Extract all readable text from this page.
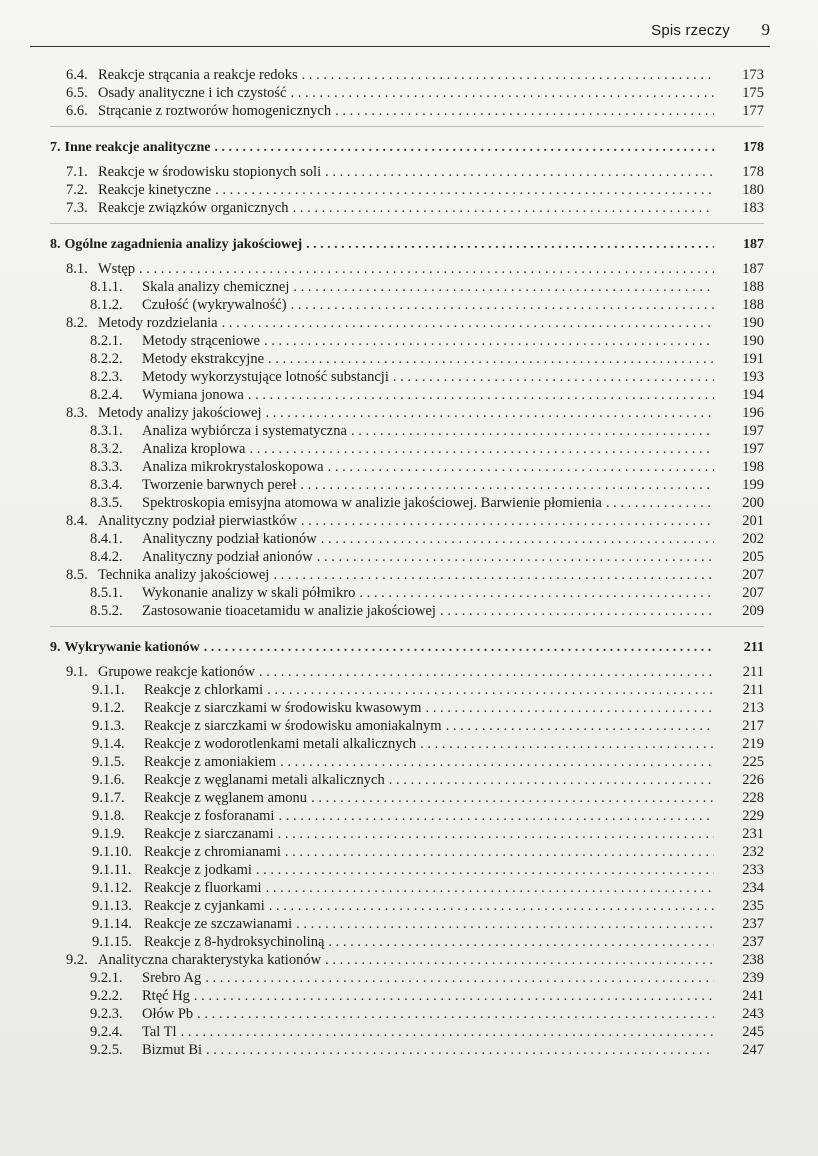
Spis rzeczy 9
6.4. Reakcje strącania a reakcje redoks . . .	173
6.5. Osady analityczne i ich czystość . . .	175
6.6. Strącanie z roztworów homogenicznych . . .	177
7. Inne reakcje analityczne . . .	178
7.1. Reakcje w środowisku stopionych soli . . .	178
7.2. Reakcje kinetyczne . . .	180
7.3. Reakcje związków organicznych . . .	183
8. Ogólne zagadnienia analizy jakościowej . . .	187
8.1. Wstęp . . .	187
8.1.1.	Skala analizy chemicznej . . .	188
8.1.2.	Czułość (wykrywalność) . . .	188
8.2. Metody rozdzielania . . .	190
8.2.1.	Metody strąceniowe . . .	190
8.2.2.	Metody ekstrakcyjne . . .	191
8.2.3.	Metody wykorzystujące lotność substancji . . .	193
8.2.4.	Wymiana jonowa . . .	194
8.3. Metody analizy jakościowej . . .	196
8.3.1.	Analiza wybiórcza i systematyczna . . .	197
8.3.2.	Analiza kroplowa . . .	197
8.3.3.	Analiza mikrokrystaloskopowa . . .	198
8.3.4.	Tworzenie barwnych pereł . . .	199
8.3.5.	Spektroskopia emisyjna atomowa w analizie jakościowej. Barwienie płomienia . . .	200
8.4. Analityczny podział pierwiastków . . .	201
8.4.1.	Analityczny podział kationów . . .	202
8.4.2.	Analityczny podział anionów . . .	205
8.5. Technika analizy jakościowej . . .	207
8.5.1.	Wykonanie analizy w skali półmikro . . .	207
8.5.2.	Zastosowanie tioacetamidu w analizie jakościowej . . .	209
9. Wykrywanie kationów . . .	211
9.1. Grupowe reakcje kationów . . .	211
9.1.1.	Reakcje z chlorkami . . .	211
9.1.2.	Reakcje z siarczkami w środowisku kwasowym . . .	213
9.1.3.	Reakcje z siarczkami w środowisku amoniakalnym . . .	217
9.1.4.	Reakcje z wodorotlenkami metali alkalicznych . . .	219
9.1.5.	Reakcje z amoniakiem . . .	225
9.1.6.	Reakcje z węglanami metali alkalicznych . . .	226
9.1.7.	Reakcje z węglanem amonu . . .	228
9.1.8.	Reakcje z fosforanami . . .	229
9.1.9.	Reakcje z siarczanami . . .	231
9.1.10. Reakcje z chromianami . . .	232
9.1.11. Reakcje z jodkami . . .	233
9.1.12. Reakcje z fluorkami . . .	234
9.1.13. Reakcje z cyjankami . . .	235
9.1.14. Reakcje ze szczawianami . . .	237
9.1.15. Reakcje z 8-hydroksychinoliną . . .	237
9.2. Analityczna charakterystyka kationów . . .	238
9.2.1.	Srebro Ag . . .	239
9.2.2.	Rtęć Hg . . .	241
9.2.3.	Ołów Pb . . .	243
9.2.4.	Tal Tl . . .	245
9.2.5.	Bizmut Bi . . .	247
